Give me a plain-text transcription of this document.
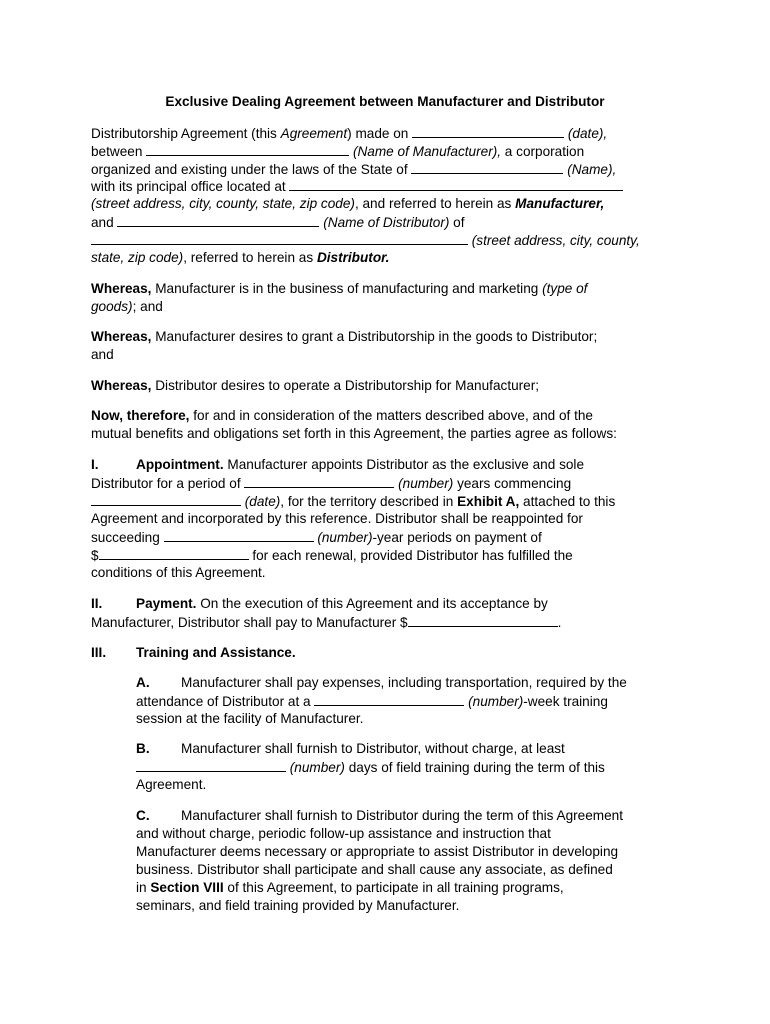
Exclusive Dealing Agreement between Manufacturer and Distributor
Distributorship Agreement (this Agreement) made on	(date),
between	(Name of Manufacturer), a corporation
organized and existing under the laws of the State of	(Name),
with its principal office located at
(street address, city, county, state, zip code), and referred to herein as Manufacturer,
and	(Name of Distributor) of
(street address, city, county,
state, zip code), referred to herein as Distributor.
Whereas, Manufacturer is in the business of manufacturing and marketing (type of
goods); and
Whereas, Manufacturer desires to grant a Distributorship in the goods to Distributor;
and
Whereas, Distributor desires to operate a Distributorship for Manufacturer;
Now, therefore, for and in consideration of the matters described above, and of the
mutual benefits and obligations set forth in this Agreement, the parties agree as follows:
I.	Appointment. Manufacturer appoints Distributor as the exclusive and sole
Distributor for a period of	(number) years commencing
(date), for the territory described in Exhibit A, attached to this
Agreement and incorporated by this reference. Distributor shall be reappointed for
succeeding	(number)-year periods on payment of
$	for each renewal, provided Distributor has fulfilled the
conditions of this Agreement.
II. Payment. On the execution of this Agreement and its acceptance by
Manufacturer, Distributor shall pay to Manufacturer $	.
III. Training and Assistance.
A. Manufacturer shall pay expenses, including transportation, required by the
attendance of Distributor at a	(number)-week training
session at the facility of Manufacturer.
B. Manufacturer shall furnish to Distributor, without charge, at least
(number) days of field training during the term of this
Agreement.
C. Manufacturer shall furnish to Distributor during the term of this Agreement
and without charge, periodic follow-up assistance and instruction that
Manufacturer deems necessary or appropriate to assist Distributor in developing
business. Distributor shall participate and shall cause any associate, as defined
in Section VIII of this Agreement, to participate in all training programs,
seminars, and field training provided by Manufacturer.
